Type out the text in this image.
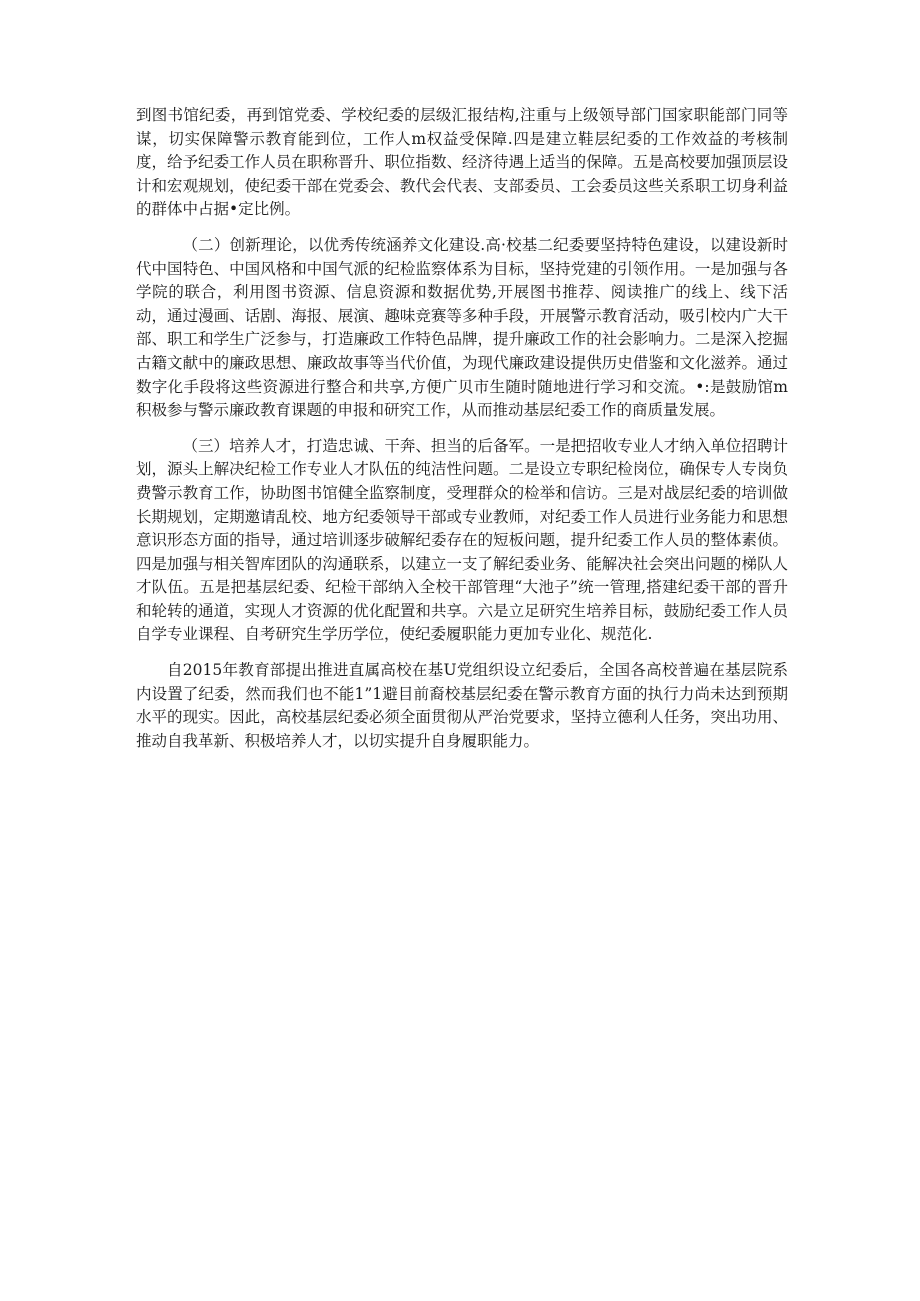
到图书馆纪委，再到馆党委、学校纪委的层级汇报结构,注重与上级领导部门国家职能部门同等谋，切实保障警示教育能到位，工作人m权益受保障.四是建立鞋层纪委的工作效益的考核制度，给予纪委工作人员在职称晋升、职位指数、经济待遇上适当的保障。五是高校要加强顶层设计和宏观规划，使纪委干部在党委会、教代会代表、支部委员、工会委员这些关系职工切身利益的群体中占据•定比例。

（二）创新理论，以优秀传统涵养文化建设.高·校基二纪委要坚持特色建设，以建设新时代中国特色、中国风格和中国气派的纪检监察体系为目标，坚持党建的引领作用。一是加强与各学院的联合，利用图书资源、信息资源和数据优势,开展图书推荐、阅读推广的线上、线下活动，通过漫画、话剧、海报、展演、趣味竞赛等多种手段，开展警示教育活动，吸引校内广大干部、职工和学生广泛参与，打造廉政工作特色品牌，提升廉政工作的社会影响力。二是深入挖掘古籍文献中的廉政思想、廉政故事等当代价值，为现代廉政建设提供历史借鉴和文化滋养。通过数字化手段将这些资源进行整合和共享,方便广贝市生随时随地进行学习和交流。•:是鼓励馆m积极参与警示廉政教育课题的申报和研究工作，从而推动基层纪委工作的商质量发展。

（三）培养人才，打造忠诚、干奔、担当的后备军。一是把招收专业人才纳入单位招聘计划，源头上解决纪检工作专业人才队伍的纯洁性问题。二是设立专职纪检岗位，确保专人专岗负费警示教育工作，协助图书馆健全监察制度，受理群众的检举和信访。三是对战层纪委的培训做长期规划，定期邀请乱校、地方纪委领导干部或专业教师，对纪委工作人员进行业务能力和思想意识形态方面的指导，通过培训逐步破解纪委存在的短板问题，提升纪委工作人员的整体素侦。四是加强与相关智库团队的沟通联系，以建立一支了解纪委业务、能解决社会突出问题的梯队人才队伍。五是把基层纪委、纪检干部纳入全校干部管理“大池子”统一管理,搭建纪委干部的晋升和轮转的通道，实现人才资源的优化配置和共享。六是立足研究生培养目标，鼓励纪委工作人员自学专业课程、自考研究生学历学位，使纪委履职能力更加专业化、规范化.

自2015年教育部提出推进直属高校在基U党组织设立纪委后，全国各高校普遍在基层院系内设置了纪委，然而我们也不能1”1避目前裔校基层纪委在警示教育方面的执行力尚未达到预期水平的现实。因此，高校基层纪委必须全面贯彻从严治党要求，坚持立德利人任务，突出功用、推动自我革新、积极培养人才，以切实提升自身履职能力。
